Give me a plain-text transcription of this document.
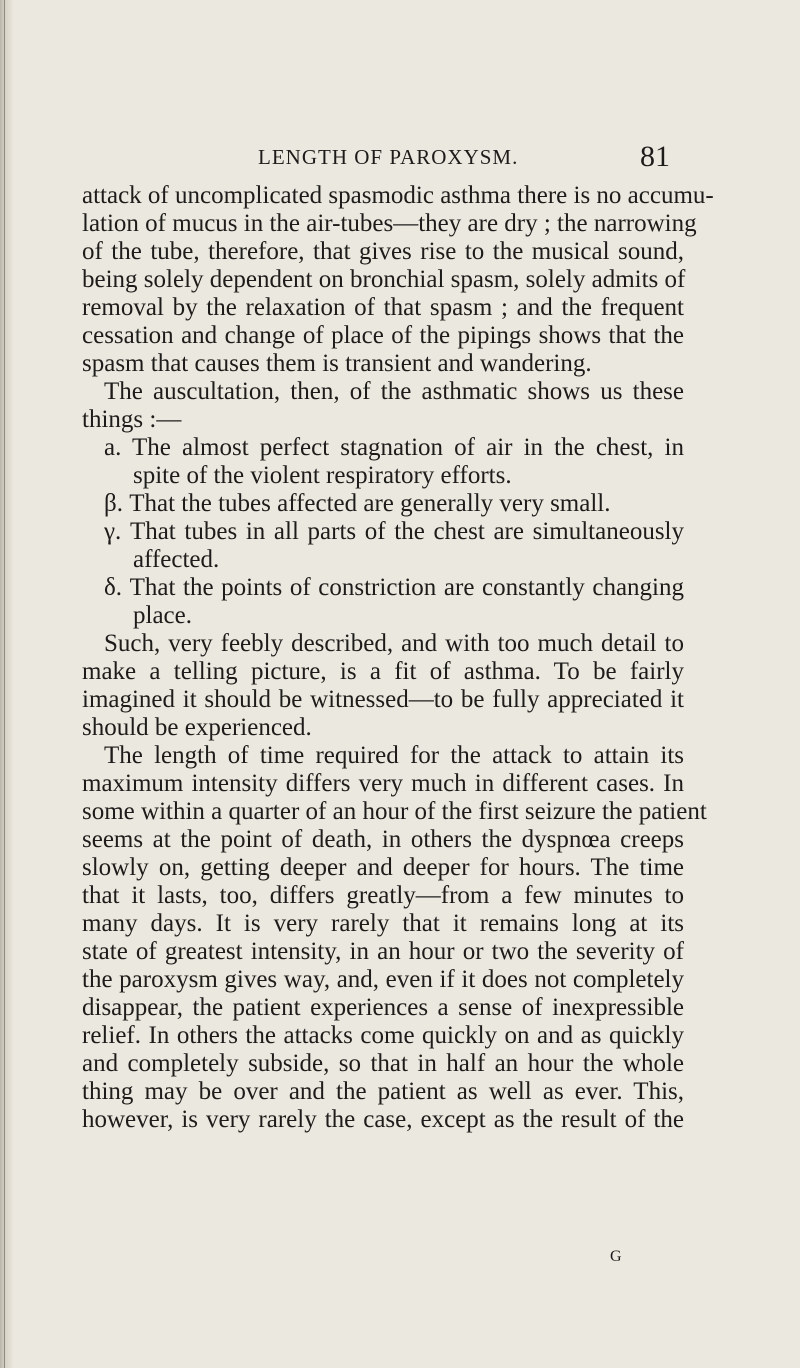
LENGTH OF PAROXYSM.	81
attack of uncomplicated spasmodic asthma there is no accumu-
lation of mucus in the air-tubes—they are dry ; the narrowing
of the tube, therefore, that gives rise to the musical sound,
being solely dependent on bronchial spasm, solely admits of
removal by the relaxation of that spasm ; and the frequent
cessation and change of place of the pipings shows that the
spasm that causes them is transient and wandering.
The auscultation, then, of the asthmatic shows us these
things :—
a. The almost perfect stagnation of air in the chest, in
spite of the violent respiratory efforts.
β. That the tubes affected are generally very small.
γ. That tubes in all parts of the chest are simultaneously
affected.
δ. That the points of constriction are constantly changing
place.
Such, very feebly described, and with too much detail to
make a telling picture, is a fit of asthma. To be fairly
imagined it should be witnessed—to be fully appreciated it
should be experienced.
The length of time required for the attack to attain its
maximum intensity differs very much in different cases. In
some within a quarter of an hour of the first seizure the patient
seems at the point of death, in others the dyspnœa creeps
slowly on, getting deeper and deeper for hours. The time
that it lasts, too, differs greatly—from a few minutes to
many days. It is very rarely that it remains long at its
state of greatest intensity, in an hour or two the severity of
the paroxysm gives way, and, even if it does not completely
disappear, the patient experiences a sense of inexpressible
relief. In others the attacks come quickly on and as quickly
and completely subside, so that in half an hour the whole
thing may be over and the patient as well as ever. This,
however, is very rarely the case, except as the result of the
G
